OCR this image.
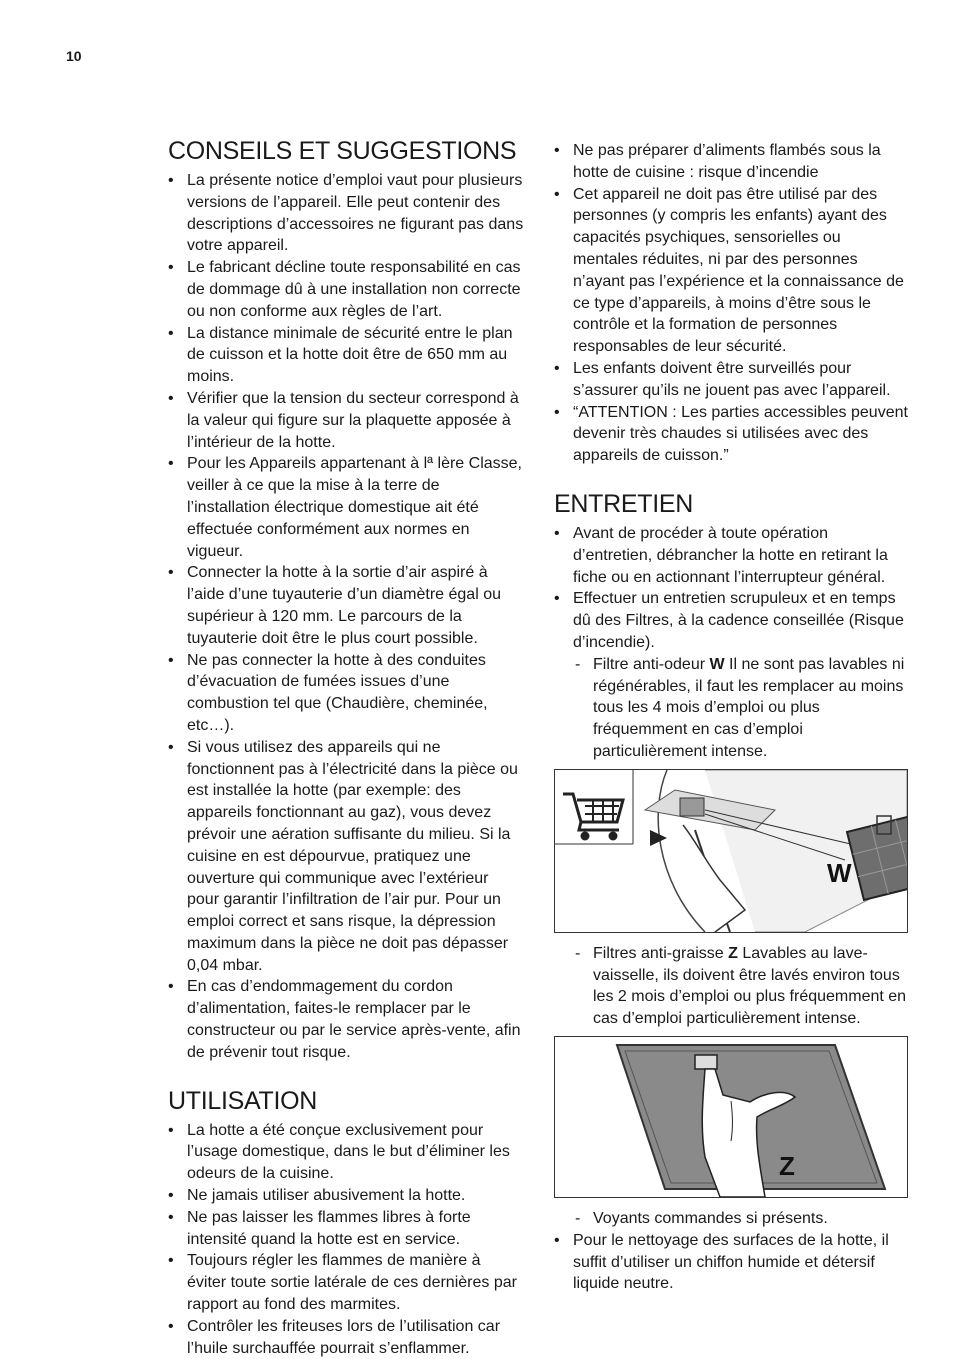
10
CONSEILS ET SUGGESTIONS
• La présente notice d’emploi vaut pour plusieurs versions de l’appareil. Elle peut contenir des descriptions d’accessoires ne figurant pas dans votre appareil.
• Le fabricant décline toute responsabilité en cas de dommage dû à une installation non correcte ou non conforme aux règles de l’art.
• La distance minimale de sécurité entre le plan de cuisson et la hotte doit être de 650 mm au moins.
• Vérifier que la tension du secteur correspond à la valeur qui figure sur la plaquette apposée à l’intérieur de la hotte.
• Pour les Appareils appartenant à lª lère Classe, veiller à ce que la mise à la terre de l’installation électrique domestique ait été effectuée conformément aux normes en vigueur.
• Connecter la hotte à la sortie d’air aspiré à l’aide d’une tuyauterie d’un diamètre égal ou supérieur à 120 mm. Le parcours de la tuyauterie doit être le plus court possible.
• Ne pas connecter la hotte à des conduites d’évacuation de fumées issues d’une combustion tel que (Chaudière, cheminée, etc…).
• Si vous utilisez des appareils qui ne fonctionnent pas à l’électricité dans la pièce ou est installée la hotte (par exemple: des appareils fonctionnant au gaz), vous devez prévoir une aération suffisante du milieu. Si la cuisine en est dépourvue, pratiquez une ouverture qui communique avec l’extérieur pour garantir l’infiltration de l’air pur. Pour un emploi correct et sans risque, la dépression maximum dans la pièce ne doit pas dépasser 0,04 mbar.
• En cas d’endommagement du cordon d’alimentation, faites-le remplacer par le constructeur ou par le service après-vente, afin de prévenir tout risque.
UTILISATION
• La hotte a été conçue exclusivement pour l’usage domestique, dans le but d’éliminer les odeurs de la cuisine.
• Ne jamais utiliser abusivement la hotte.
• Ne pas laisser les flammes libres à forte intensité quand la hotte est en service.
• Toujours régler les flammes de manière à éviter toute sortie latérale de ces dernières par rapport au fond des marmites.
• Contrôler les friteuses lors de l’utilisation car l’huile surchauffée pourrait s’enflammer.
• Ne pas préparer d’aliments flambés sous la hotte de cuisine : risque d’incendie
• Cet appareil ne doit pas être utilisé par des personnes (y compris les enfants) ayant des capacités psychiques, sensorielles ou mentales réduites, ni par des personnes n’ayant pas l’expérience et la connaissance de ce type d’appareils, à moins d’être sous le contrôle et la formation de personnes responsables de leur sécurité.
• Les enfants doivent être surveillés pour s’assurer qu’ils ne jouent pas avec l’appareil.
• “ATTENTION : Les parties accessibles peuvent devenir très chaudes si utilisées avec des appareils de cuisson.”
ENTRETIEN
• Avant de procéder à toute opération d’entretien, débrancher la hotte en retirant la fiche ou en actionnant l’interrupteur général.
• Effectuer un entretien scrupuleux et en temps dû des Filtres, à la cadence conseillée (Risque d’incendie).
- Filtre anti-odeur W Il ne sont pas lavables ni régénérables, il faut les remplacer au moins tous les 4 mois d’emploi ou plus fréquemment en cas d’emploi particulièrement intense.
W
- Filtres anti-graisse Z Lavables au lave-vaisselle, ils doivent être lavés environ tous les 2 mois d’emploi ou plus fréquemment en cas d’emploi particulièrement intense.
Z
- Voyants commandes si présents.
• Pour le nettoyage des surfaces de la hotte, il suffit d’utiliser un chiffon humide et détersif liquide neutre.
